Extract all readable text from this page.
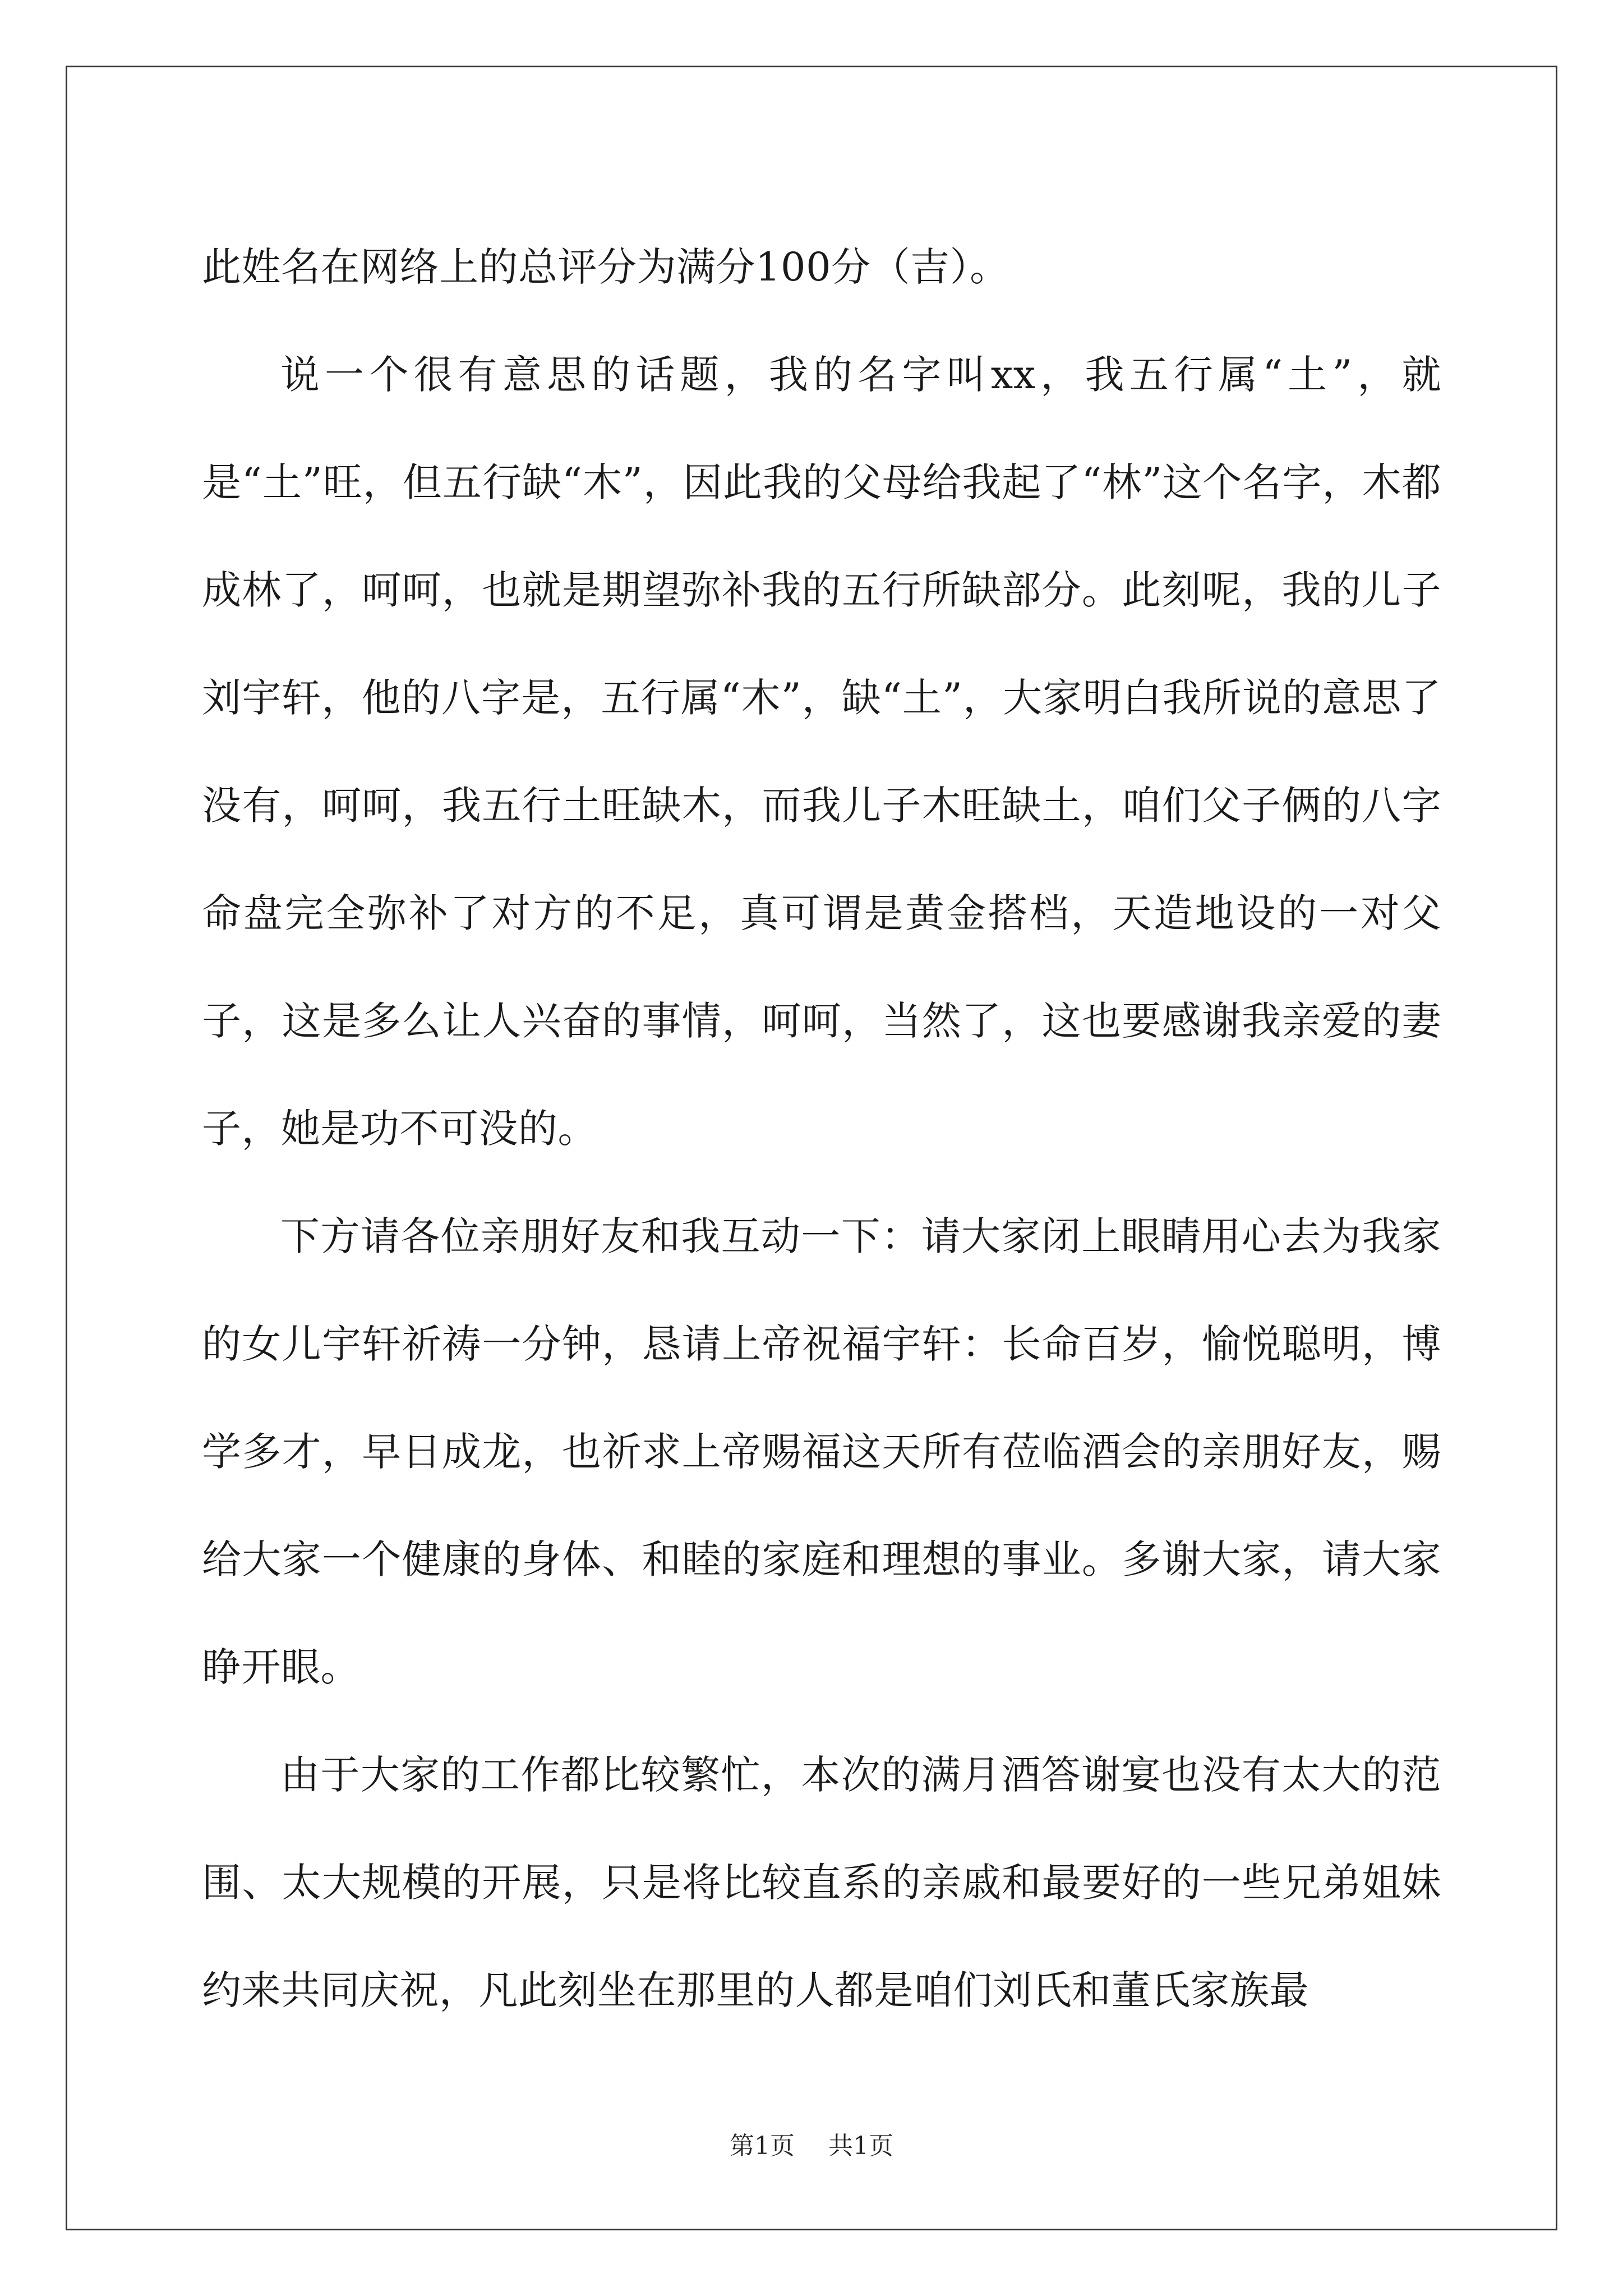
此姓名在网络上的总评分为满分100分（吉）。

说一个很有意思的话题，我的名字叫xx，我五行属“土”，就是“土”旺，但五行缺“木”，因此我的父母给我起了“林”这个名字，木都成林了，呵呵，也就是期望弥补我的五行所缺部分。此刻呢，我的儿子刘宇轩，他的八字是，五行属“木”，缺“土”，大家明白我所说的意思了没有，呵呵，我五行土旺缺木，而我儿子木旺缺土，咱们父子俩的八字命盘完全弥补了对方的不足，真可谓是黄金搭档，天造地设的一对父子，这是多么让人兴奋的事情，呵呵，当然了，这也要感谢我亲爱的妻子，她是功不可没的。

下方请各位亲朋好友和我互动一下：请大家闭上眼睛用心去为我家的女儿宇轩祈祷一分钟，恳请上帝祝福宇轩：长命百岁，愉悦聪明，博学多才，早日成龙，也祈求上帝赐福这天所有莅临酒会的亲朋好友，赐给大家一个健康的身体、和睦的家庭和理想的事业。多谢大家，请大家睁开眼。

由于大家的工作都比较繁忙，本次的满月酒答谢宴也没有太大的范围、太大规模的开展，只是将比较直系的亲戚和最要好的一些兄弟姐妹约来共同庆祝，凡此刻坐在那里的人都是咱们刘氏和董氏家族最

第1页 共1页
